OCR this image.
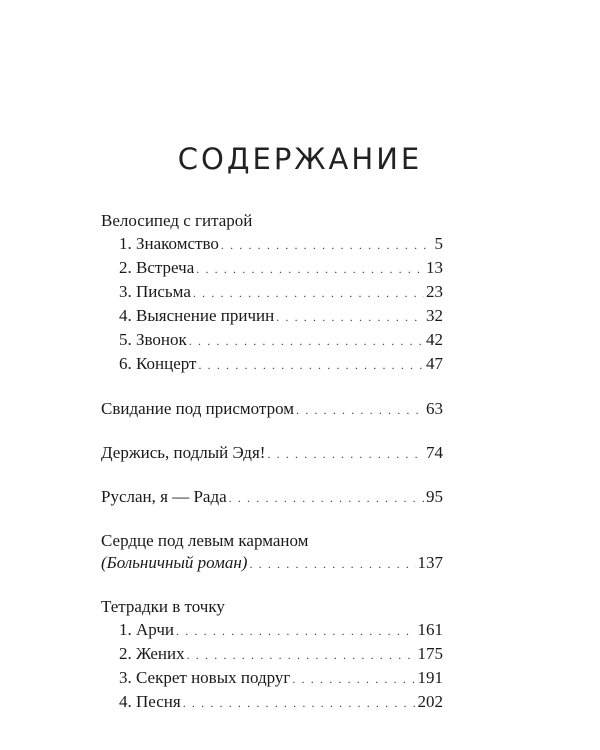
СОДЕРЖАНИЕ
Велосипед с гитарой
1. Знакомство . . .	5
2. Встреча . . .	13
3. Письма . . .	23
4. Выяснение причин . . .	32
5. Звонок . . .	42
6. Концерт . . .	47
Свидание под присмотром . . .	63
Держись, подлый Эдя! . . .	74
Руслан, я — Рада . . .	95
Сердце под левым карманом
(Больничный роман) . . .	137
Тетрадки в точку
1. Арчи . . .	161
2. Жених . . .	175
3. Секрет новых подруг . . .	191
4. Песня . . .	202
